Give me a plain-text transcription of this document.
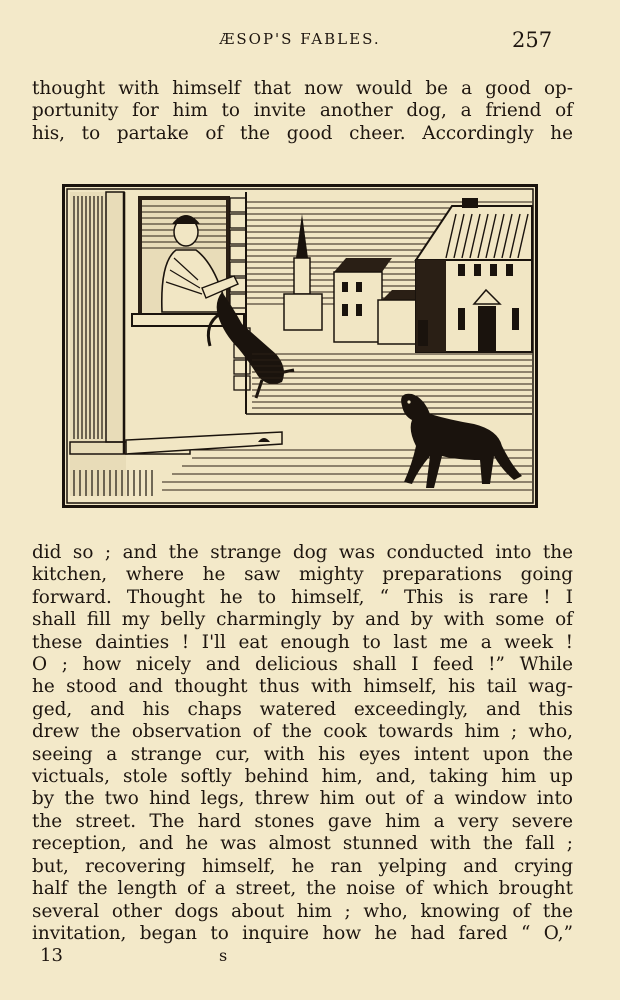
ÆSOP'S FABLES.	257
thought with himself that now would be a good op-
portunity for him to invite another dog, a friend of
his, to partake of the good cheer. Accordingly he
did so ; and the strange dog was conducted into the
kitchen, where he saw mighty preparations going
forward. Thought he to himself, “ This is rare ! I
shall fill my belly charmingly by and by with some of
these dainties ! I'll eat enough to last me a week !
O ; how nicely and delicious shall I feed !” While
he stood and thought thus with himself, his tail wag-
ged, and his chaps watered exceedingly, and this
drew the observation of the cook towards him ; who,
seeing a strange cur, with his eyes intent upon the
victuals, stole softly behind him, and, taking him up
by the two hind legs, threw him out of a window into
the street. The hard stones gave him a very severe
reception, and he was almost stunned with the fall ;
but, recovering himself, he ran yelping and crying
half the length of a street, the noise of which brought
several other dogs about him ; who, knowing of the
invitation, began to inquire how he had fared “ O,”
13	s
